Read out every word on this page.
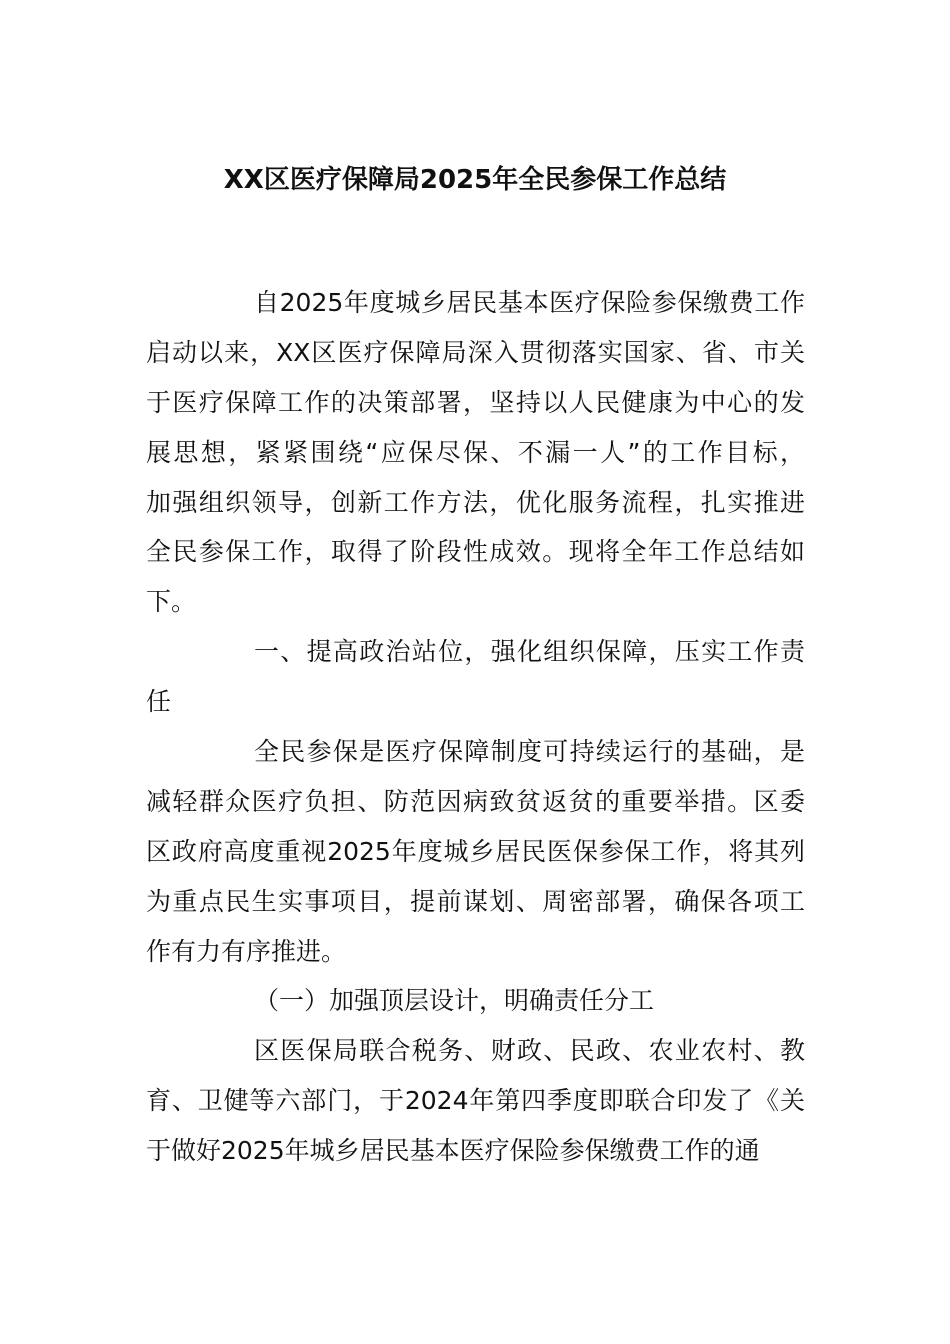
XX区医疗保障局2025年全民参保工作总结
自2025年度城乡居民基本医疗保险参保缴费工作
启动以来，XX区医疗保障局深入贯彻落实国家、省、市关
于医疗保障工作的决策部署，坚持以人民健康为中心的发
展思想，紧紧围绕“应保尽保、不漏一人”的工作目标，
加强组织领导，创新工作方法，优化服务流程，扎实推进
全民参保工作，取得了阶段性成效。现将全年工作总结如
下。
一、提高政治站位，强化组织保障，压实工作责
任
全民参保是医疗保障制度可持续运行的基础，是
减轻群众医疗负担、防范因病致贫返贫的重要举措。区委
区政府高度重视2025年度城乡居民医保参保工作，将其列
为重点民生实事项目，提前谋划、周密部署，确保各项工
作有力有序推进。
（一）加强顶层设计，明确责任分工
区医保局联合税务、财政、民政、农业农村、教
育、卫健等六部门，于2024年第四季度即联合印发了《关
于做好2025年城乡居民基本医疗保险参保缴费工作的通
